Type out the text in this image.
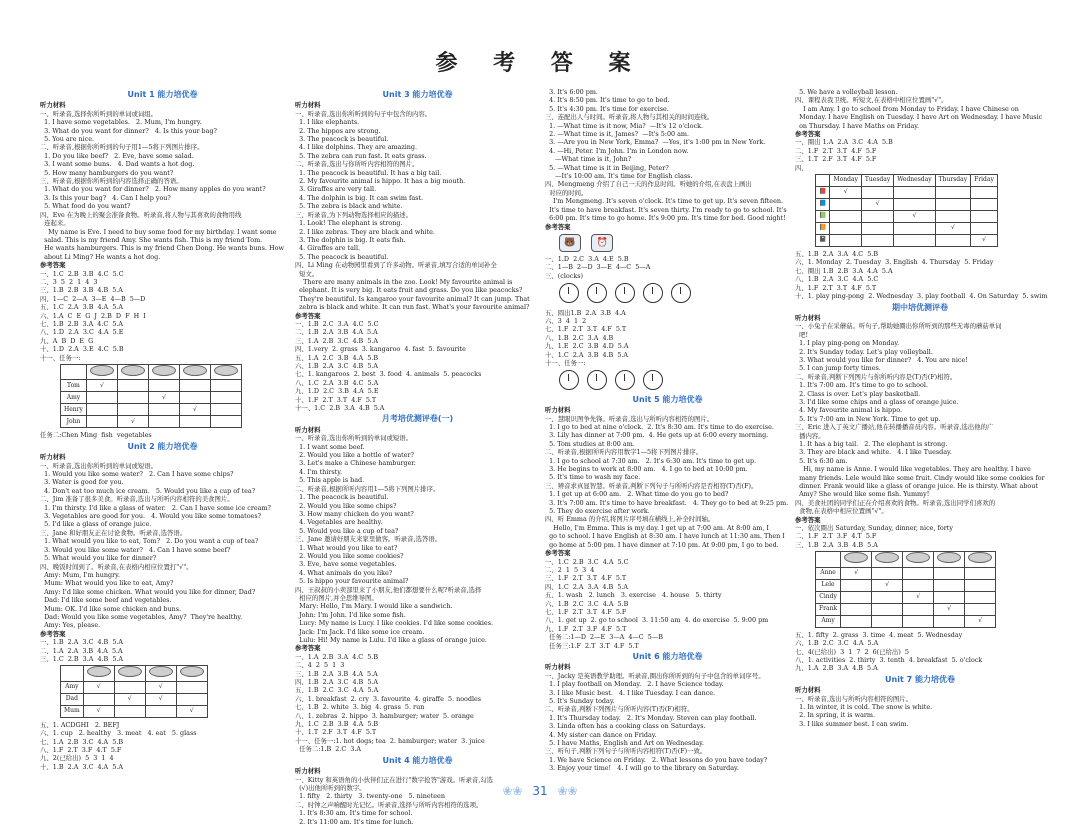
参 考 答 案
Unit 1 能力培优卷
听力材料
一、听录音,选择你所听到的单词或词组。
1. I have some vegetables.   2. Mum, I'm hungry.
3. What do you want for dinner?   4. Is this your bag?
5. You are nice.
二、听录音,根据你所听到的句子用1—5将下列图片排序。
1. Do you like beef?   2. Eve, have some salad.
3. I want some buns.   4. Dad wants a hot dog.
5. How many hamburgers do you want?
三、听录音,根据你所听到的内容选择正确的答语。
1. What do you want for dinner?   2. How many apples do you want?
3. Is this your bag?   4. Can I help you?
5. What food do you want?
四、Eve 在为晚上的聚会准备食物。听录音,将人物与其喜欢的食物用线
连起来。
My name is Eve. I need to buy some food for my birthday. I want some
salad. This is my friend Amy. She wants fish. This is my friend Tom.
He wants hamburgers. This is my friend Chen Dong. He wants buns. How
about Li Ming? He wants a hot dog.
参考答案
一、1.C  2.B  3.B  4.C  5.C
二、3  5  2  1  4  3
三、1.B  2.B  3.B  4.B  5.A
四、1—C  2—A  3—E  4—B  5—D
五、1.C  2.A  3.B  4.A  5.A
六、1.A  C  E  G  J  2.B  D  F  H  I
七、1.B  2.B  3.A  4.C  5.A
八、1.D  2.A  3.C  4.A  5.E
九、A  B  D  E  G
十、1.D  2.A  3.E  4.C  5.B
十一、任务一:

Tom	√				
Amy			√		
Henry				√	
John		√			
任务二:Chen Ming  fish  vegetables
Unit 2 能力培优卷
听力材料
一、听录音,选出你所听到的单词或短语。
1. Would you like some water?   2. Can I have some chips?
3. Water is good for you.
4. Don't eat too much ice cream.   5. Would you like a cup of tea?
二、Jim 准备了很多美食。听录音,选出与所听内容相符的美食图片。
1. I'm thirsty. I'd like a glass of water.   2. Can I have some ice cream?
3. Vegetables are good for you.   4. Would you like some tomatoes?
5. I'd like a glass of orange juice.
三、Jane 和好朋友正在讨论食物。听录音,选答语。
1. What would you like to eat, Tom?   2. Do you want a cup of tea?
3. Would you like some water?   4. Can I have some beef?
5. What would you like for dinner?
四、晚饭时间到了。听录音,在表格内相应位置打"√"。
Amy: Mum, I'm hungry.
Mum: What would you like to eat, Amy?
Amy: I'd like some chicken. What would you like for dinner, Dad?
Dad: I'd like some beef and vegetables.
Mum: OK. I'd like some chicken and buns.
Dad: Would you like some vegetables, Amy?  They're healthy.
Amy: Yes, please.
参考答案
一、1.B  2.A  3.C  4.B  5.A
二、1.A  2.A  3.B  4.A  5.A
三、1.C  2.B  3.A  4.B  5.A

Amy	√		√	
Dad		√	√	
Mum	√			√
五、1. ACDGHI   2. BEFJ
六、1. cup   2. healthy   3. meat   4. eat   5. glass
七、1.A  2.B  3.C  4.A  5.B
八、1.F  2.T  3.F  4.T  5.F
九、2(已给出)  5  3  1  4
十、1.B  2.A  3.C  4.A  5.A
Unit 3 能力培优卷
听力材料
一、听录音,选出你所听到的句子中包含的内容。
1. I like elephants.
2. The hippos are strong.
3. The peacock is beautiful.
4. I like dolphins. They are amazing.
5. The zebra can run fast. It eats grass.
二、听录音,选出与你所听内容相符的图片。
1. The peacock is beautiful. It has a big tail.
2. My favourite animal is hippo. It has a big mouth.
3. Giraffes are very tall.
4. The dolphin is big. It can swim fast.
5. The zebra is black and white.
三、听录音,为下列动物选择相应的描述。
1. Look! The elephant is strong.
2. I like zebras. They are black and white.
3. The dolphin is big. It eats fish.
4. Giraffes are tall.
5. The peacock is beautiful.
四、Li Ming 在动物园里看到了许多动物。听录音,填写合适的单词补全
短文。
There are many animals in the zoo. Look! My favourite animal is
elephant. It is very big. It eats fruit and grass. Do you like peacocks?
They're beautiful. Is kangaroo your favourite animal? It can jump. That
zebra is black and white. It can run fast. What's your favourite animal?
参考答案
一、1.B  2.C  3.A  4.C  5.C
二、1.B  2.A  3.B  4.A  5.A
三、1.A  2.B  3.C  4.B  5.A
四、1.very  2. grass  3. kangaroo  4. fast  5. favourite
五、1.A  2.C  3.B  4.A  5.B
六、1.B  2.A  3.C  4.B  5.A
七、1. kangaroos  2. best  3. food  4. animals  5. peacocks
八、1.C  2.A  3.B  4.C  5.A
九、1.D  2.C  3.B  4.A  5.E
十、1.F  2.T  3.T  4.F  5.T
十一、1.C  2.B  3.A  4.B  5.A
月考培优测评卷(一)
听力材料
一、听录音,选出你所听到的单词或短语。
1. I want some beef.
2. Would you like a bottle of water?
3. Let's make a Chinese hamburger.
4. I'm thirsty.
5. This apple is bad.
二、听录音,根据所听内容用1—5将下列图片排序。
1. The peacock is beautiful.
2. Would you like some chips?
3. How many chicken do you want?
4. Vegetables are healthy.
5. Would you like a cup of tea?
三、Jane 邀请好朋友来家里做客。听录音,选答语。
1. What would you like to eat?
2. Would you like some cookies?
3. Eve, have some vegetables.
4. What animals do you like?
5. Is hippo your favourite animal?
四、王叔叔的小卖部里来了小朋友,他们都想要什么呢?听录音,选择
相应的图片,并全思维导图。
Mary: Hello, I'm Mary. I would like a sandwich.
John: I'm John. I'd like some fish.
Lucy: My name is Lucy. I like cookies. I'd like some cookies.
Jack: I'm Jack. I'd like some ice cream.
Lulu: Hi! My name is Lulu. I'd like a glass of orange juice.
参考答案
一、1.A  2.B  3.A  4.C  5.B
二、4  2  5  1  3
三、1.B  2.A  3.B  4.A  5.A
四、1.B  2.A  3.C  4.B  5.A
五、1.B  2.C  3.C  4.A  5.A
六、1. breakfast  2. cry  3. favourite  4. giraffe  5. noodles
七、1.B  2. white  3. big  4. grass  5. run
八、1. zebras  2. hippo  3. hamburger; water  5. orange
九、1.C  2.B  3.B  4.A  5.B
十、1.T  2.F  3.T  4.F  5.T
十一、任务一:1. hot dogs; tea  2. hamburger; water  3. juice
任务二:1.B  2.C  3.A
Unit 4 能力培优卷
听力材料
一、Kitty 和英语角的小伙伴们正在进行"数字抢答"游戏。听录音,勾选
(√)出他所听到的数字。
1. fifty   2. thirty   3. twenty-one   5. nineteen
二、时钟之声响醒时光记忆。听录音,选择与所听内容相符的选项。
1. It's 8:30 am. It's time for school.
2. It's 11:00 am. It's time for lunch.
3. It's 6:00 pm.
4. It's 8:50 pm. It's time to go to bed.
5. It's 4:30 pm. It's time for exercise.
三、连配出人与时间。听录音,将人物与其相关的时间连线。
1. —What time is it now, Mia?  —It's 12 o'clock.
2. —What time is it, James?  —It's 5:00 am.
3. —Are you in New York, Emma?  —Yes, it's 1:00 pm in New York.
4. —Hi, Peter. I'm John. I'm in London now.
—What time is it, John?
5. —What time is it in Beijing, Peter?
—It's 10:00 am. It's time for English class.
四、Mengmeng 介绍了自己一天的作息时间。听她的介绍,在表盘上画出
对应的时间。
I'm Mengmeng. It's seven o'clock. It's time to get up. It's seven fifteen.
It's time to have breakfast. It's seven thirty. I'm ready to go to school. It's
6:00 pm. It's time to go home. It's 9:00 pm. It's time for bed. Good night!
参考答案
🐻 ⏰
一、1.D  2.C  3.A  4.E  5.B
二、1—B  2—D  3—E  4—C  5—A
三、(clocks)

五、圆出1.B  2.A  3.B  4.A
六、3  4  1  2
七、1.F  2.T  3.T  4.F  5.T
八、1.B  2.C  3.A  4.B
九、1.E  2.C  3.B  4.D  5.A
十、1.C  2.A  3.B  4.B  5.A
十一、任务一:

Unit 5 能力培优卷
听力材料
一、慧眼识图争先锋。听录音,选出与所听内容相符的图片。
1. I go to bed at nine o'clock.  2. It's 8:30 am. It's time to do exercise.
3. Lily has dinner at 7:00 pm.  4. He gets up at 6:00 every morning.
5. Tom studies at 8:00 am.
二、听录音,根据所听内容用数字1—5将下列图片排序。
1. I go to school at 7:30 am.   2. It's 6:30 am. It's time to get up.
3. He begins to work at 8:00 am.   4. I go to bed at 10:00 pm.
5. It's time to wash my face.
三、辨音求真显智慧。听录音,判断下列句子与所听内容是否相符(T)否(F)。
1. I get up at 6:00 am.   2. What time do you go to bed?
3. It's 7:00 am. It's time to have breakfast.   4. They go to bed at 9:25 pm.
5. They do exercise after work.
四、听 Emma 的介绍,将图片序号填在横线上,补全时间轴。
Hello, I'm Emma. This is my day. I get up at 7:00 am. At 8:00 am, I
go to school. I have English at 8:30 am. I have lunch at 11:30 am. Then I
go home at 5:00 pm. I have dinner at 7:10 pm. At 9:00 pm, I go to bed.
参考答案
一、1.C  2.B  3.C  4.A  5.C
二、2  1  5  3  4
三、1.F  2.T  3.T  4.F  5.T
四、1.C  2.A  3.A  4.B  5.A
五、1. wash   2. lunch   3. exercise   4. house   5. thirty
六、1.B  2.C  3.C  4.A  5.B
七、1.F  2.T  3.T  4.F  5.F
八、1. get up  2. go to school  3. 11:50 am  4. do exercise  5. 9:00 pm
九、1.F  2.T  3.F  4.F  5.T
任务二:1—D  2—E  3—A  4—C  5—B
任务三:1.F  2.T  3.T  4.F  5.T
Unit 6 能力培优卷
听力材料
一、Jacky 是英语教学助理。听录音,圈出你所听到的句子中包含的单词序号。
1. I play football on Monday.   2. I have Science today.
3. I like Music best.   4. I like Tuesday. I can dance.
5. It's Sunday today.
二、听录音,判断下列图片与所听内容(T)否(F)相符。
1. It's Thursday today.   2. It's Monday. Steven can play football.
3. Linda often has a cooking class on Saturdays.
4. My sister can dance on Friday.
5. I have Maths, English and Art on Wednesday.
三、听句子,判断下列句子与所听内容相符(T)否(F)一致。
1. We have Science on Friday.   2. What lessons do you have today?
3. Enjoy your time!   4. I will go to the library on Saturday.
5. We have a volleyball lesson.
四、课程表我卫统。听短文,在表格中相应位置画"√"。
I am Amy. I go to school from Monday to Friday. I have Chinese on
Monday. I have English on Tuesday. I have Art on Wednesday. I have Music
on Thursday. I have Maths on Friday.
参考答案
一、圈出 1.A  2.A  3.C  4.A  5.B
二、1.F  2.T  3.T  4.F  5.F
三、1.T  2.F  3.T  4.F  5.F
四、
	Monday	Tuesday	Wednesday	Thursday	Friday
📕	√				
📘		√			
📗			√		
📙				√	
📓					√
五、1.B  2.A  3.A  4.C  5.B
六、1. Monday  2. Tuesday  3. English  4. Thursday  5. Friday
七、圈出 1.B  2.B  3.A  4.A  5.A
八、1.B  2.A  3.C  4.A  5.C
九、1.F  2.T  3.T  4.F  5.T
十、1. play ping-pong  2. Wednesday  3. play football  4. On Saturday  5. swim
期中培优测评卷
听力材料
一、小兔子在采蘑菇。听句子,帮助她圈出你所听到的那些无毒的蘑菇单词
吧!
1. I play ping-pong on Monday.
2. It's Sunday today. Let's play volleyball.
3. What would you like for dinner?   4. You are nice!
5. I can jump forty times.
二、听录音,判断下列图片与你所听内容是(T)否(F)相符。
1. It's 7:00 am. It's time to go to school.
2. Class is over. Let's play basketball.
3. I'd like some chips and a glass of orange juice.
4. My favourite animal is hippo.
5. It's 7:00 am in New York. Time to get up.
三、Eric 进入了英文广播站,他在转播播音员内容。听录音,选出他的广
播内容。
1. It has a big tail.   2. The elephant is strong.
3. They are black and white.   4. I like Tuesday.
5. It's 6:30 am.
Hi, my name is Anne. I would like vegetables. They are healthy. I have
many friends. Lele would like some fruit. Cindy would like some cookies for
dinner. Frank would like a glass of orange juice. He is thirsty. What about
Amy? She would like some fish. Yummy!
四、美食社团的同学们正在介绍喜欢的食物。听录音,选出同学们喜欢的
食物,在表格中相应位置画"√"。
参考答案
一、依次圈出 Saturday, Sunday, dinner, nice, forty
二、1.F  2.T  3.F  4.T  5.F
三、1.B  2.A  3.B  4.B  5.A

Anne	√				
Lele		√			
Cindy			√		
Frank				√	
Amy					√
五、1. fifty  2. grass  3. time  4. meat  5. Wednesday
六、1.B  2.C  3.C  4.A  5.A
七、4(已给出)  3  1  7  2  6(已给出)  5
八、1. activities  2. thirty  3. tenth  4. breakfast  5. o'clock
九、1.A  2.B  3.A  4.B  5.A
Unit 7 能力培优卷
听力材料
一、听录音,选出与所听内容相符的图片。
1. In winter, it is cold. The snow is white.
2. In spring, it is warm.
3. I like summer best. I can swim.
❀❀ 31 ❀❀
